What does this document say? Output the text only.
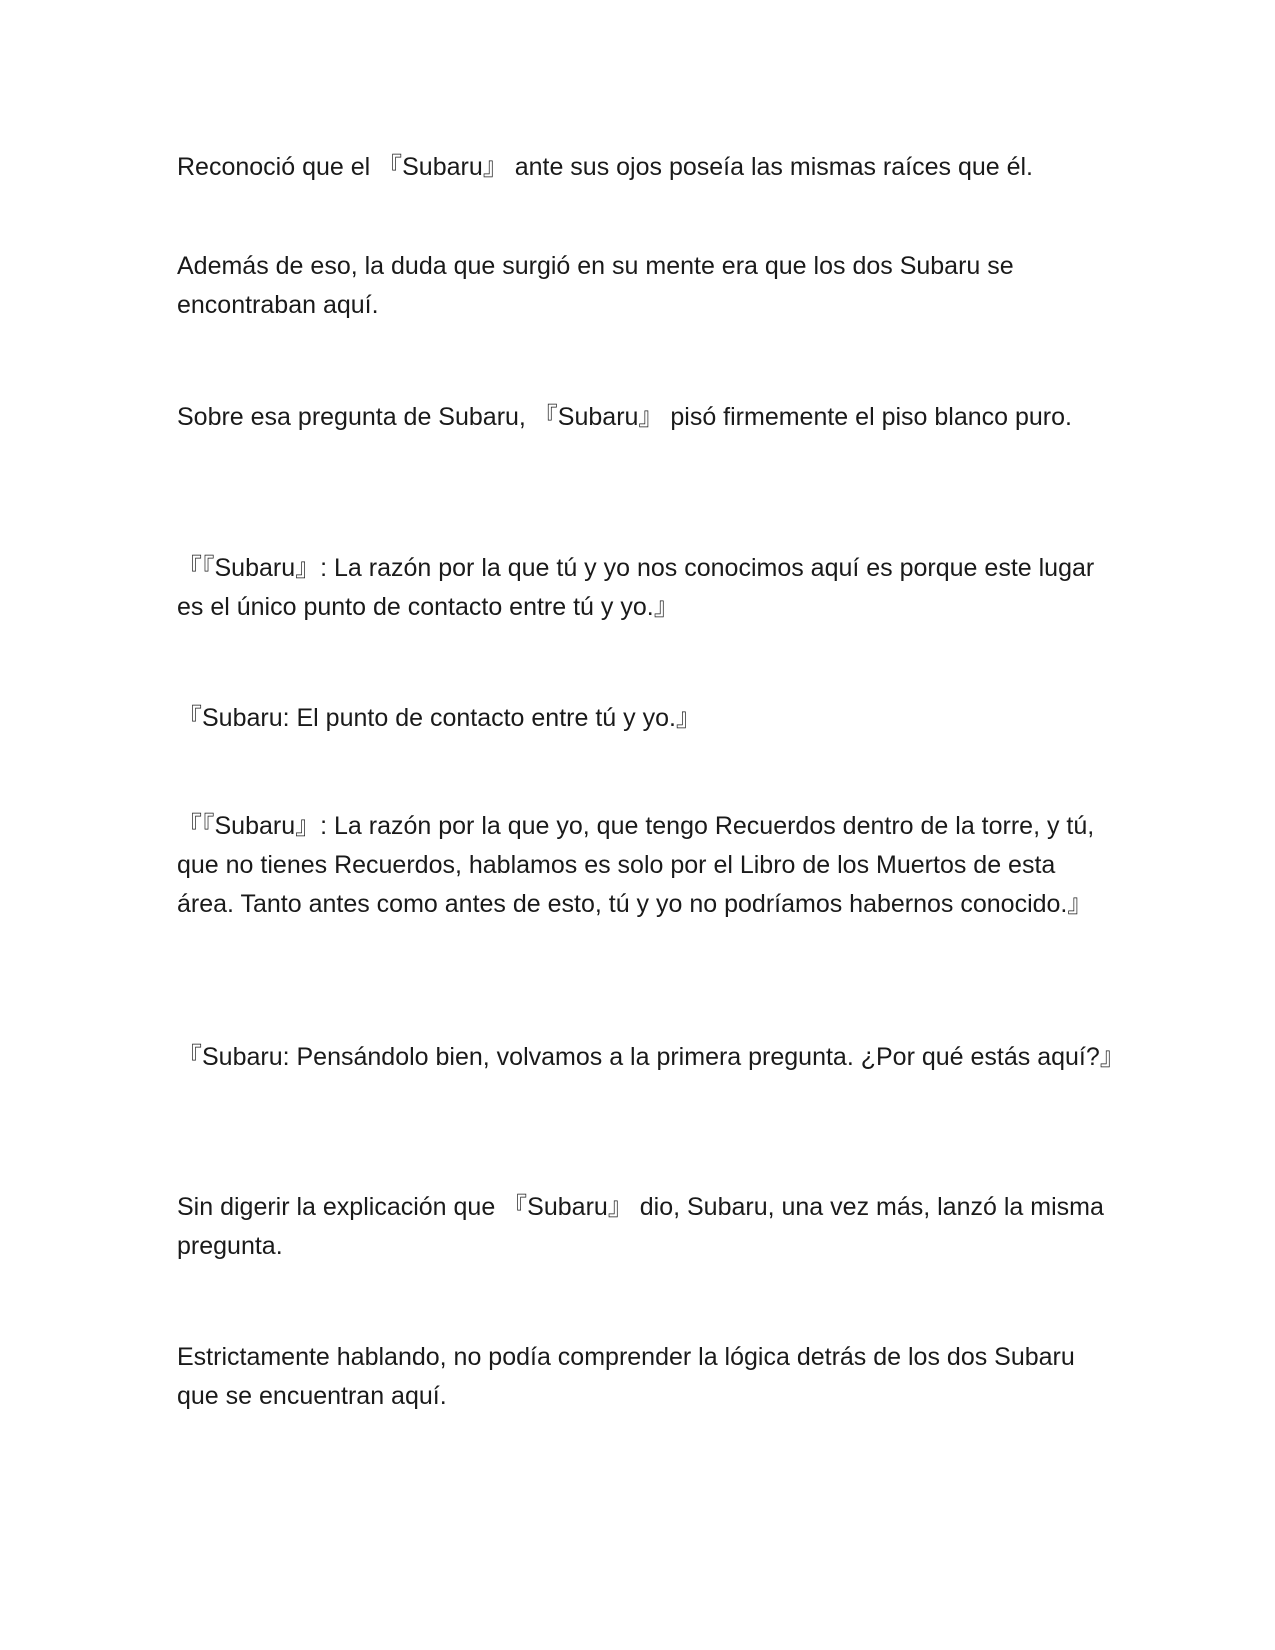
Reconoció que el 『Subaru』 ante sus ojos poseía las mismas raíces que él.

Además de eso, la duda que surgió en su mente era que los dos Subaru se encontraban aquí.

Sobre esa pregunta de Subaru, 『Subaru』 pisó firmemente el piso blanco puro.

『『Subaru』: La razón por la que tú y yo nos conocimos aquí es porque este lugar es el único punto de contacto entre tú y yo.』

『Subaru: El punto de contacto entre tú y yo.』

『『Subaru』: La razón por la que yo, que tengo Recuerdos dentro de la torre, y tú, que no tienes Recuerdos, hablamos es solo por el Libro de los Muertos de esta área. Tanto antes como antes de esto, tú y yo no podríamos habernos conocido.』

『Subaru: Pensándolo bien, volvamos a la primera pregunta. ¿Por qué estás aquí?』

Sin digerir la explicación que 『Subaru』 dio, Subaru, una vez más, lanzó la misma pregunta.

Estrictamente hablando, no podía comprender la lógica detrás de los dos Subaru que se encuentran aquí.
